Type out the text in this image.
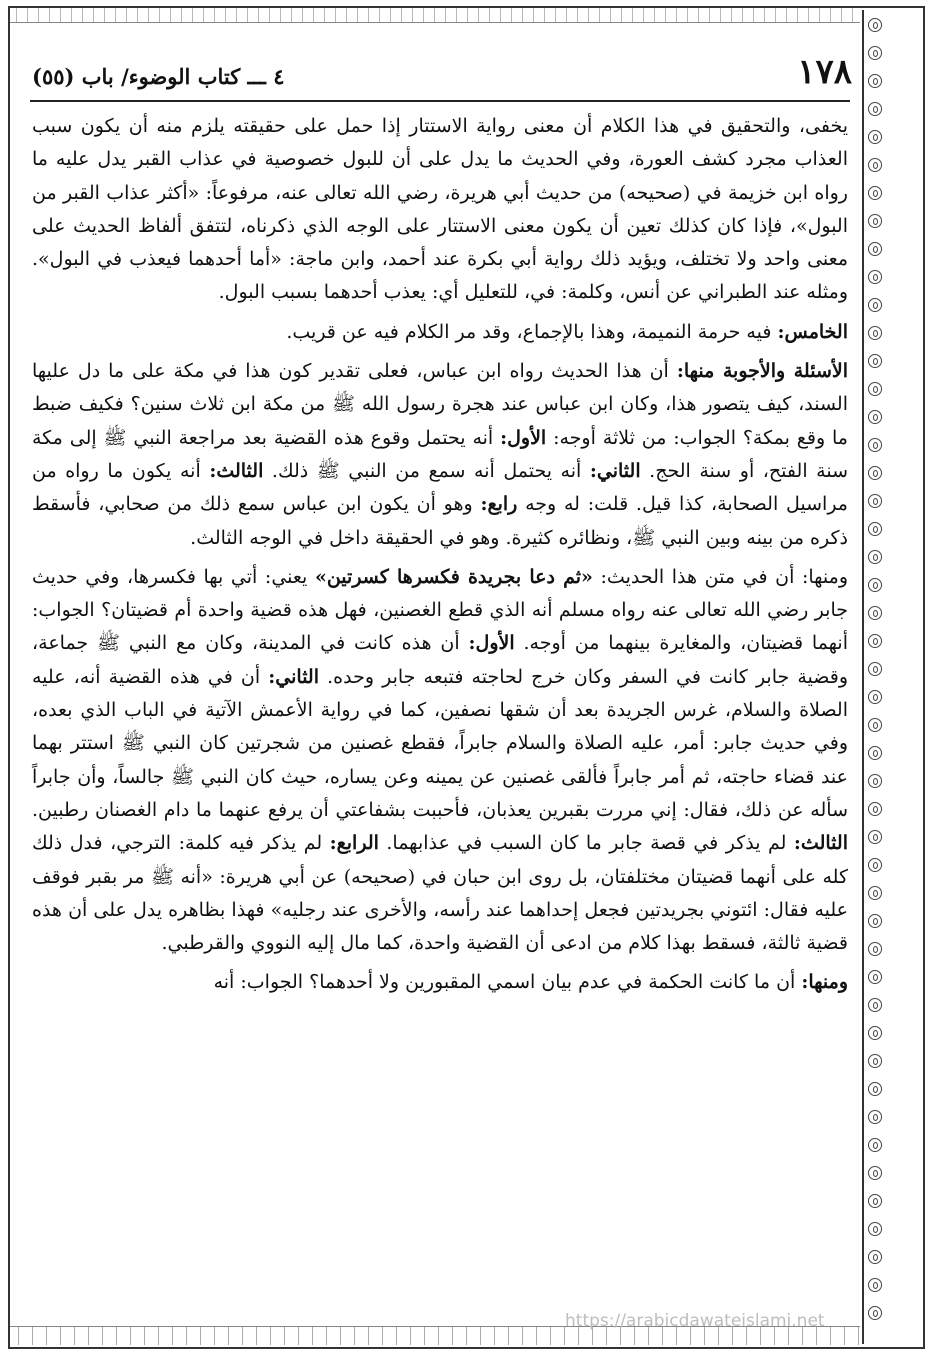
١٧٨
٤ ـــ كتاب الوضوء/ باب (٥٥)

يخفى، والتحقيق في هذا الكلام أن معنى رواية الاستتار إذا حمل على حقيقته يلزم منه أن يكون سبب العذاب مجرد كشف العورة، وفي الحديث ما يدل على أن للبول خصوصية في عذاب القبر يدل عليه ما رواه ابن خزيمة في (صحيحه) من حديث أبي هريرة، رضي الله تعالى عنه، مرفوعاً: «أكثر عذاب القبر من البول»، فإذا كان كذلك تعين أن يكون معنى الاستتار على الوجه الذي ذكرناه، لتتفق ألفاظ الحديث على معنى واحد ولا تختلف، ويؤيد ذلك رواية أبي بكرة عند أحمد، وابن ماجة: «أما أحدهما فيعذب في البول». ومثله عند الطبراني عن أنس، وكلمة: في، للتعليل أي: يعذب أحدهما بسبب البول.

الخامس: فيه حرمة النميمة، وهذا بالإجماع، وقد مر الكلام فيه عن قريب.

الأسئلة والأجوبة منها: أن هذا الحديث رواه ابن عباس، فعلى تقدير كون هذا في مكة على ما دل عليها السند، كيف يتصور هذا، وكان ابن عباس عند هجرة رسول الله ﷺ من مكة ابن ثلاث سنين؟ فكيف ضبط ما وقع بمكة؟ الجواب: من ثلاثة أوجه: الأول: أنه يحتمل وقوع هذه القضية بعد مراجعة النبي ﷺ إلى مكة سنة الفتح، أو سنة الحج. الثاني: أنه يحتمل أنه سمع من النبي ﷺ ذلك. الثالث: أنه يكون ما رواه من مراسيل الصحابة، كذا قيل. قلت: له وجه رابع: وهو أن يكون ابن عباس سمع ذلك من صحابي، فأسقط ذكره من بينه وبين النبي ﷺ، ونظائره كثيرة. وهو في الحقيقة داخل في الوجه الثالث.

ومنها: أن في متن هذا الحديث: «ثم دعا بجريدة فكسرها كسرتين» يعني: أتي بها فكسرها، وفي حديث جابر رضي الله تعالى عنه رواه مسلم أنه الذي قطع الغصنين، فهل هذه قضية واحدة أم قضيتان؟ الجواب: أنهما قضيتان، والمغايرة بينهما من أوجه. الأول: أن هذه كانت في المدينة، وكان مع النبي ﷺ جماعة، وقضية جابر كانت في السفر وكان خرج لحاجته فتبعه جابر وحده. الثاني: أن في هذه القضية أنه، عليه الصلاة والسلام، غرس الجريدة بعد أن شقها نصفين، كما في رواية الأعمش الآتية في الباب الذي بعده، وفي حديث جابر: أمر، عليه الصلاة والسلام جابراً، فقطع غصنين من شجرتين كان النبي ﷺ استتر بهما عند قضاء حاجته، ثم أمر جابراً فألقى غصنين عن يمينه وعن يساره، حيث كان النبي ﷺ جالساً، وأن جابراً سأله عن ذلك، فقال: إني مررت بقبرين يعذبان، فأحببت بشفاعتي أن يرفع عنهما ما دام الغصنان رطبين. الثالث: لم يذكر في قصة جابر ما كان السبب في عذابهما. الرابع: لم يذكر فيه كلمة: الترجي، فدل ذلك كله على أنهما قضيتان مختلفتان، بل روى ابن حبان في (صحيحه) عن أبي هريرة: «أنه ﷺ مر بقبر فوقف عليه فقال: ائتوني بجريدتين فجعل إحداهما عند رأسه، والأخرى عند رجليه» فهذا بظاهره يدل على أن هذه قضية ثالثة، فسقط بهذا كلام من ادعى أن القضية واحدة، كما مال إليه النووي والقرطبي.

ومنها: أن ما كانت الحكمة في عدم بيان اسمي المقبورين ولا أحدهما؟ الجواب: أنه

https://arabicdawateislami.net
